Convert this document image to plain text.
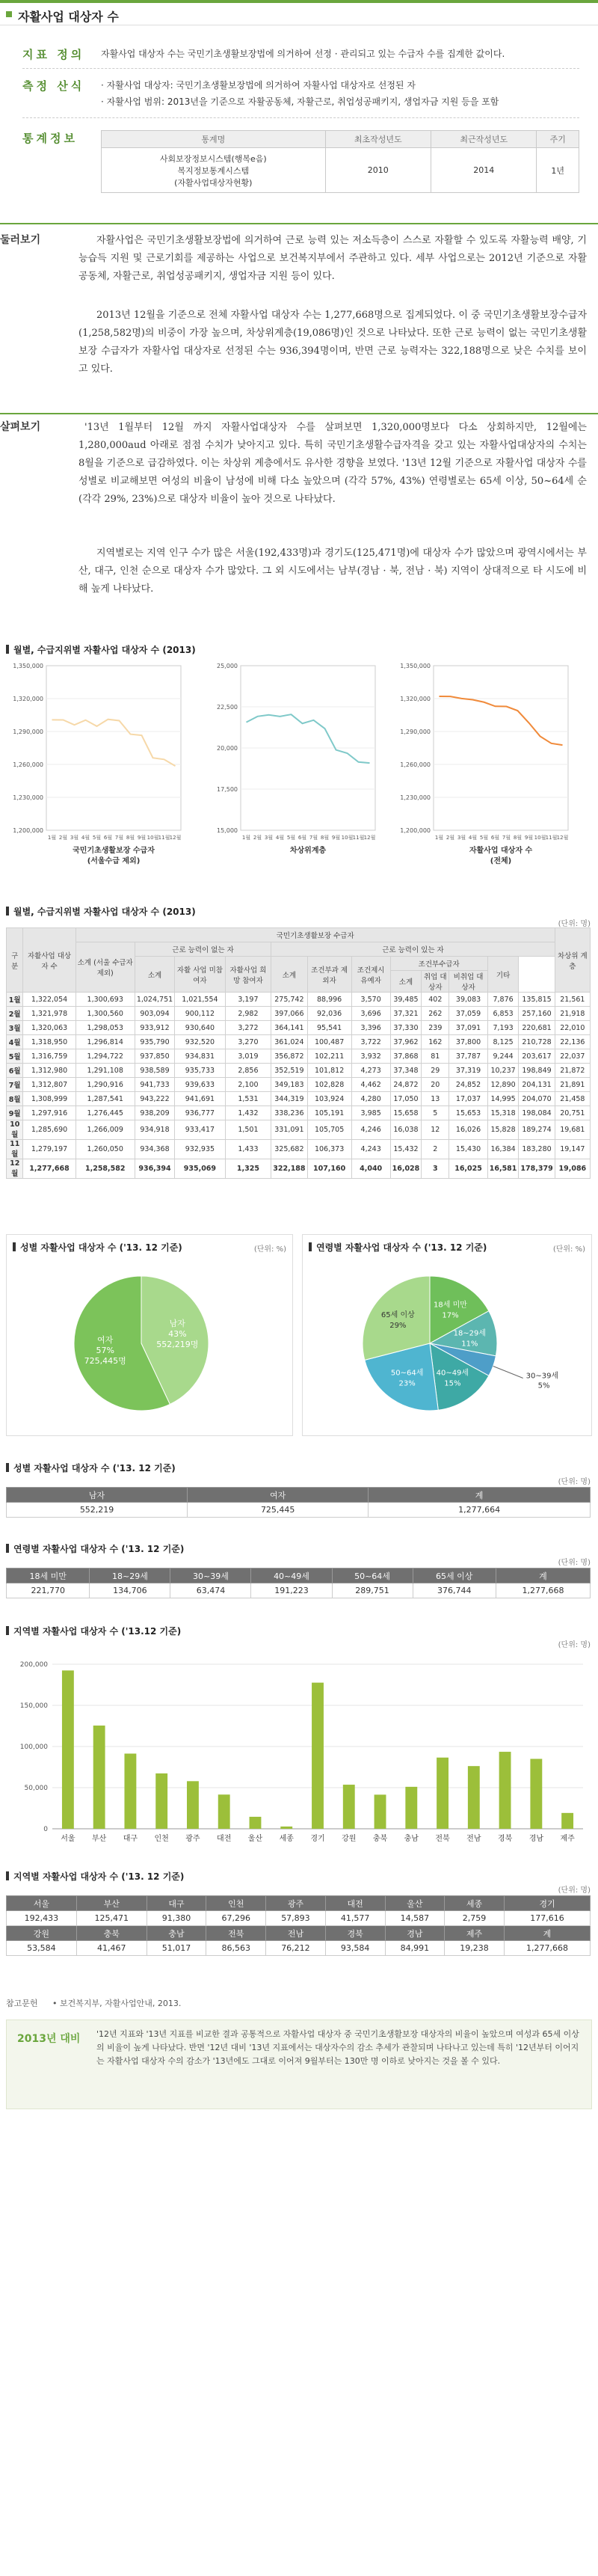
자활사업 대상자 수
지표 정의 자활사업 대상자 수는 국민기초생활보장법에 의거하여 선정 · 관리되고 있는 수급자 수를 집계한 값이다.
측정 산식 · 자활사업 대상자: 국민기초생활보장법에 의거하여 자활사업 대상자로 선정된 자
· 자활사업 범위: 2013년을 기준으로 자활공동체, 자활근로, 취업성공패키지, 생업자금 지원 등을 포함
통계정보	통계명	최초작성년도	최근작성년도	주기

사회보장정보시스템(행복e음)
복지정보통계시스템
(자활사업대상자현황)	2010	2014	1년
둘러보기	자활사업은 국민기초생활보장법에 의거하여 근로 능력 있는 저소득층이 스스로 자활할 수 있도록 자활능력 배양, 기능습득 지원 및 근로기회를 제공하는 사업으로 보건복지부에서 주관하고 있다. 세부 사업으로는 2012년 기준으로 자활공동체, 자활근로, 취업성공패키지, 생업자금 지원 등이 있다.
2013년 12월을 기준으로 전체 자활사업 대상자 수는 1,277,668명으로 집계되었다. 이 중 국민기초생활보장수급자(1,258,582명)의 비중이 가장 높으며, 차상위계층(19,086명)인 것으로 나타났다. 또한 근로 능력이 없는 국민기초생활보장 수급자가 자활사업 대상자로 선정된 수는 936,394명이며, 반면 근로 능력자는 322,188명으로 낮은 수치를 보이고 있다.
살펴보기	'13년 1월부터 12월 까지 자활사업대상자 수를 살펴보면 1,320,000명보다 다소 상회하지만, 12월에는 1,280,000aud 아래로 점점 수치가 낮아지고 있다. 특히 국민기초생활수급자격을 갖고 있는 자활사업대상자의 수치는 8월을 기준으로 급감하였다. 이는 차상위 계층에서도 유사한 경향을 보였다. '13년 12월 기준으로 자활사업 대상자 수를 성별로 비교해보면 여성의 비율이 남성에 비해 다소 높았으며 (각각 57%, 43%) 연령별로는 65세 이상, 50~64세 순(각각 29%, 23%)으로 대상자 비율이 높아 것으로 나타났다.
지역별로는 지역 인구 수가 많은 서울(192,433명)과 경기도(125,471명)에 대상자 수가 많았으며 광역시에서는 부산, 대구, 인천 순으로 대상자 수가 많았다. 그 외 시도에서는 남부(경남 · 북, 전남 · 북) 지역이 상대적으로 타 시도에 비해 높게 나타났다.
월별, 수급지위별 자활사업 대상자 수 (2013)
1,350,000
1,320,000
1,290,000
1,260,000
1,230,000
1,200,000
1월 2월 3월 4월 5월 6월 7월 8월 9월 10월 11월 12월
국민기초생활보장 수급자
(서울수급 제외)
25,000
22,500
20,000
17,500
15,000
1월 2월 3월 4월 5월 6월 7월 8월 9월 10월 11월 12월
차상위계층
1,350,000
1,320,000
1,290,000
1,260,000
1,230,000
1,200,000
1월 2월 3월 4월 5월 6월 7월 8월 9월 10월 11월 12월
자활사업 대상자 수
(전체)
월별, 수급지위별 자활사업 대상자 수 (2013)
(단위: 명)
구분	자활사업 대상자 수	국민기초생활보장 수급자												차상위 계층
		소계 (서울 수급자 제외)	근로 능력이 없는 자			근로 능력이 있는 자								
			소계	자활 사업 미참여자	자활사업 희망 참여자	소계	조건부과 제외자	조건제시 유예자	조건부수급자			기타		
									소계	취업 대상자	비취업 대상자			
1월	1,322,054	1,300,693	1,024,751	1,021,554	3,197	275,742	88,996	3,570	39,485	402	39,083	7,876	135,815	21,561
2월	1,321,978	1,300,560	903,094	900,112	2,982	397,066	92,036	3,696	37,321	262	37,059	6,853	257,160	21,918
3월	1,320,063	1,298,053	933,912	930,640	3,272	364,141	95,541	3,396	37,330	239	37,091	7,193	220,681	22,010
4월	1,318,950	1,296,814	935,790	932,520	3,270	361,024	100,487	3,722	37,962	162	37,800	8,125	210,728	22,136
5월	1,316,759	1,294,722	937,850	934,831	3,019	356,872	102,211	3,932	37,868	81	37,787	9,244	203,617	22,037
6월	1,312,980	1,291,108	938,589	935,733	2,856	352,519	101,812	4,273	37,348	29	37,319	10,237	198,849	21,872
7월	1,312,807	1,290,916	941,733	939,633	2,100	349,183	102,828	4,462	24,872	20	24,852	12,890	204,131	21,891
8월	1,308,999	1,287,541	943,222	941,691	1,531	344,319	103,924	4,280	17,050	13	17,037	14,995	204,070	21,458
9월	1,297,916	1,276,445	938,209	936,777	1,432	338,236	105,191	3,985	15,658	5	15,653	15,318	198,084	20,751
10월	1,285,690	1,266,009	934,918	933,417	1,501	331,091	105,705	4,246	16,038	12	16,026	15,828	189,274	19,681
11월	1,279,197	1,260,050	934,368	932,935	1,433	325,682	106,373	4,243	15,432	2	15,430	16,384	183,280	19,147
12월	1,277,668	1,258,582	936,394	935,069	1,325	322,188	107,160	4,040	16,028	3	16,025	16,581	178,379	19,086
성별 자활사업 대상자 수 ('13. 12 기준)	(단위: %)
남자
43%
552,219명
여자
57%
725,445명
연령별 자활사업 대상자 수 ('13. 12 기준)	(단위: %)
18세 미만
17%
18~29세
11%
30~39세
5%
40~49세
15%
50~64세
23%
65세 이상
29%
성별 자활사업 대상자 수 ('13. 12 기준)
(단위: 명)
남자	여자	계
552,219	725,445	1,277,664
연령별 자활사업 대상자 수 ('13. 12 기준)
(단위: 명)
18세 미만	18~29세	30~39세	40~49세	50~64세	65세 이상	계
221,770	134,706	63,474	191,223	289,751	376,744	1,277,668
지역별 자활사업 대상자 수 ('13.12 기준)
(단위: 명)
200,000
150,000
100,000
50,000
0
서울 부산 대구 인천 광주 대전 울산 세종 경기 강원 충북 충남 전북 전남 경북 경남 제주
지역별 자활사업 대상자 수 ('13. 12 기준)
(단위: 명)
서울	부산	대구	인천	광주	대전	울산	세종	경기
192,433	125,471	91,380	67,296	57,893	41,577	14,587	2,759	177,616
강원	충북	충남	전북	전남	경북	경남	제주	계
53,584	41,467	51,017	86,563	76,212	93,584	84,991	19,238	1,277,668
참고문헌 • 보건복지부, 자활사업안내, 2013.
2013년 대비 '12년 지표와 '13년 지표를 비교한 결과 공통적으로 자활사업 대상자 중 국민기초생활보장 대상자의 비율이 높았으며 여성과 65세 이상의 비율이 높게 나타났다. 반면 '12년 대비 '13년 지표에서는 대상자수의 감소 추세가 관찰되며 나타나고 있는데 특히 '12년부터 이어지는 자활사업 대상자 수의 감소가 '13년에도 그대로 이어져 9월부터는 130만 명 이하로 낮아지는 것을 볼 수 있다.
